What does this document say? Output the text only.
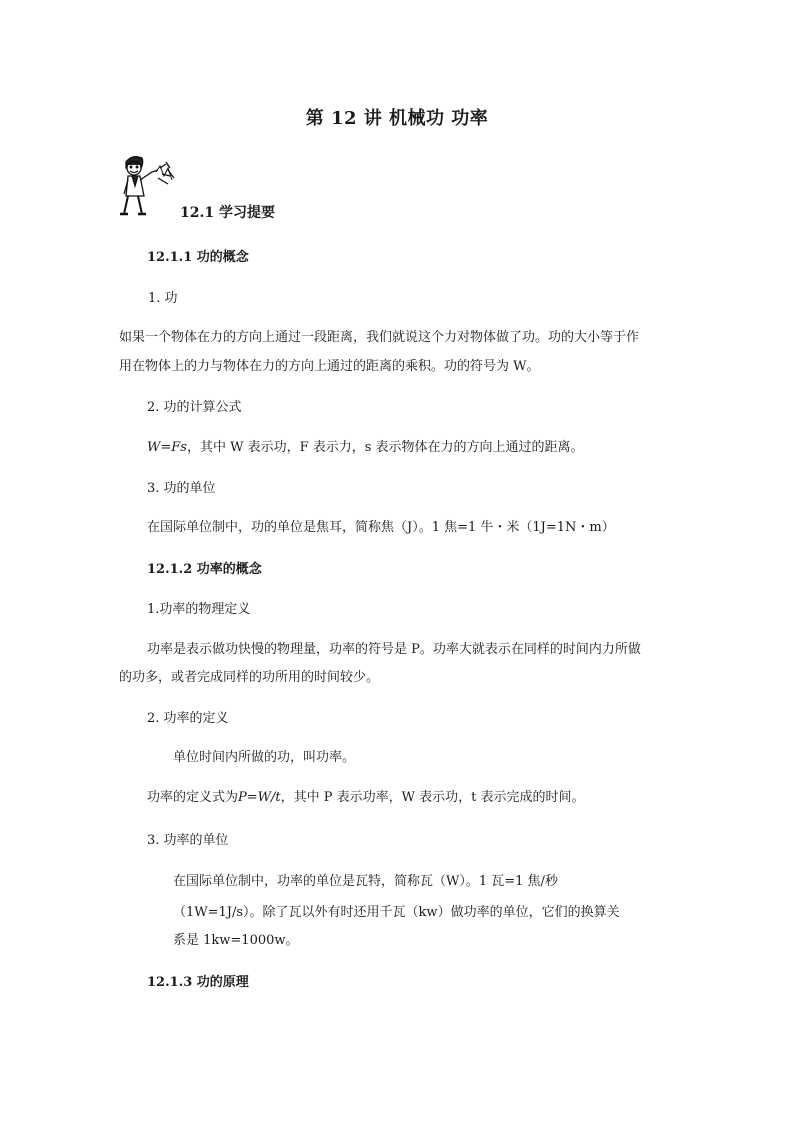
第 12 讲 机械功 功率
12.1 学习提要
12.1.1 功的概念
1. 功
如果一个物体在力的方向上通过一段距离，我们就说这个力对物体做了功。功的大小等于作
用在物体上的力与物体在力的方向上通过的距离的乘积。功的符号为 W。
2. 功的计算公式
W=Fs，其中 W 表示功，F 表示力，s 表示物体在力的方向上通过的距离。
3. 功的单位
在国际单位制中，功的单位是焦耳，简称焦（J）。1 焦=1 牛・米（1J=1N・m）
12.1.2 功率的概念
1.功率的物理定义
功率是表示做功快慢的物理量，功率的符号是 P。功率大就表示在同样的时间内力所做
的功多，或者完成同样的功所用的时间较少。
2. 功率的定义
单位时间内所做的功，叫功率。
功率的定义式为P=W/t，其中 P 表示功率，W 表示功，t 表示完成的时间。
3. 功率的单位
在国际单位制中，功率的单位是瓦特，简称瓦（W）。1 瓦=1 焦/秒
（1W=1J/s）。除了瓦以外有时还用千瓦（kw）做功率的单位，它们的换算关
系是 1kw=1000w。
12.1.3 功的原理
